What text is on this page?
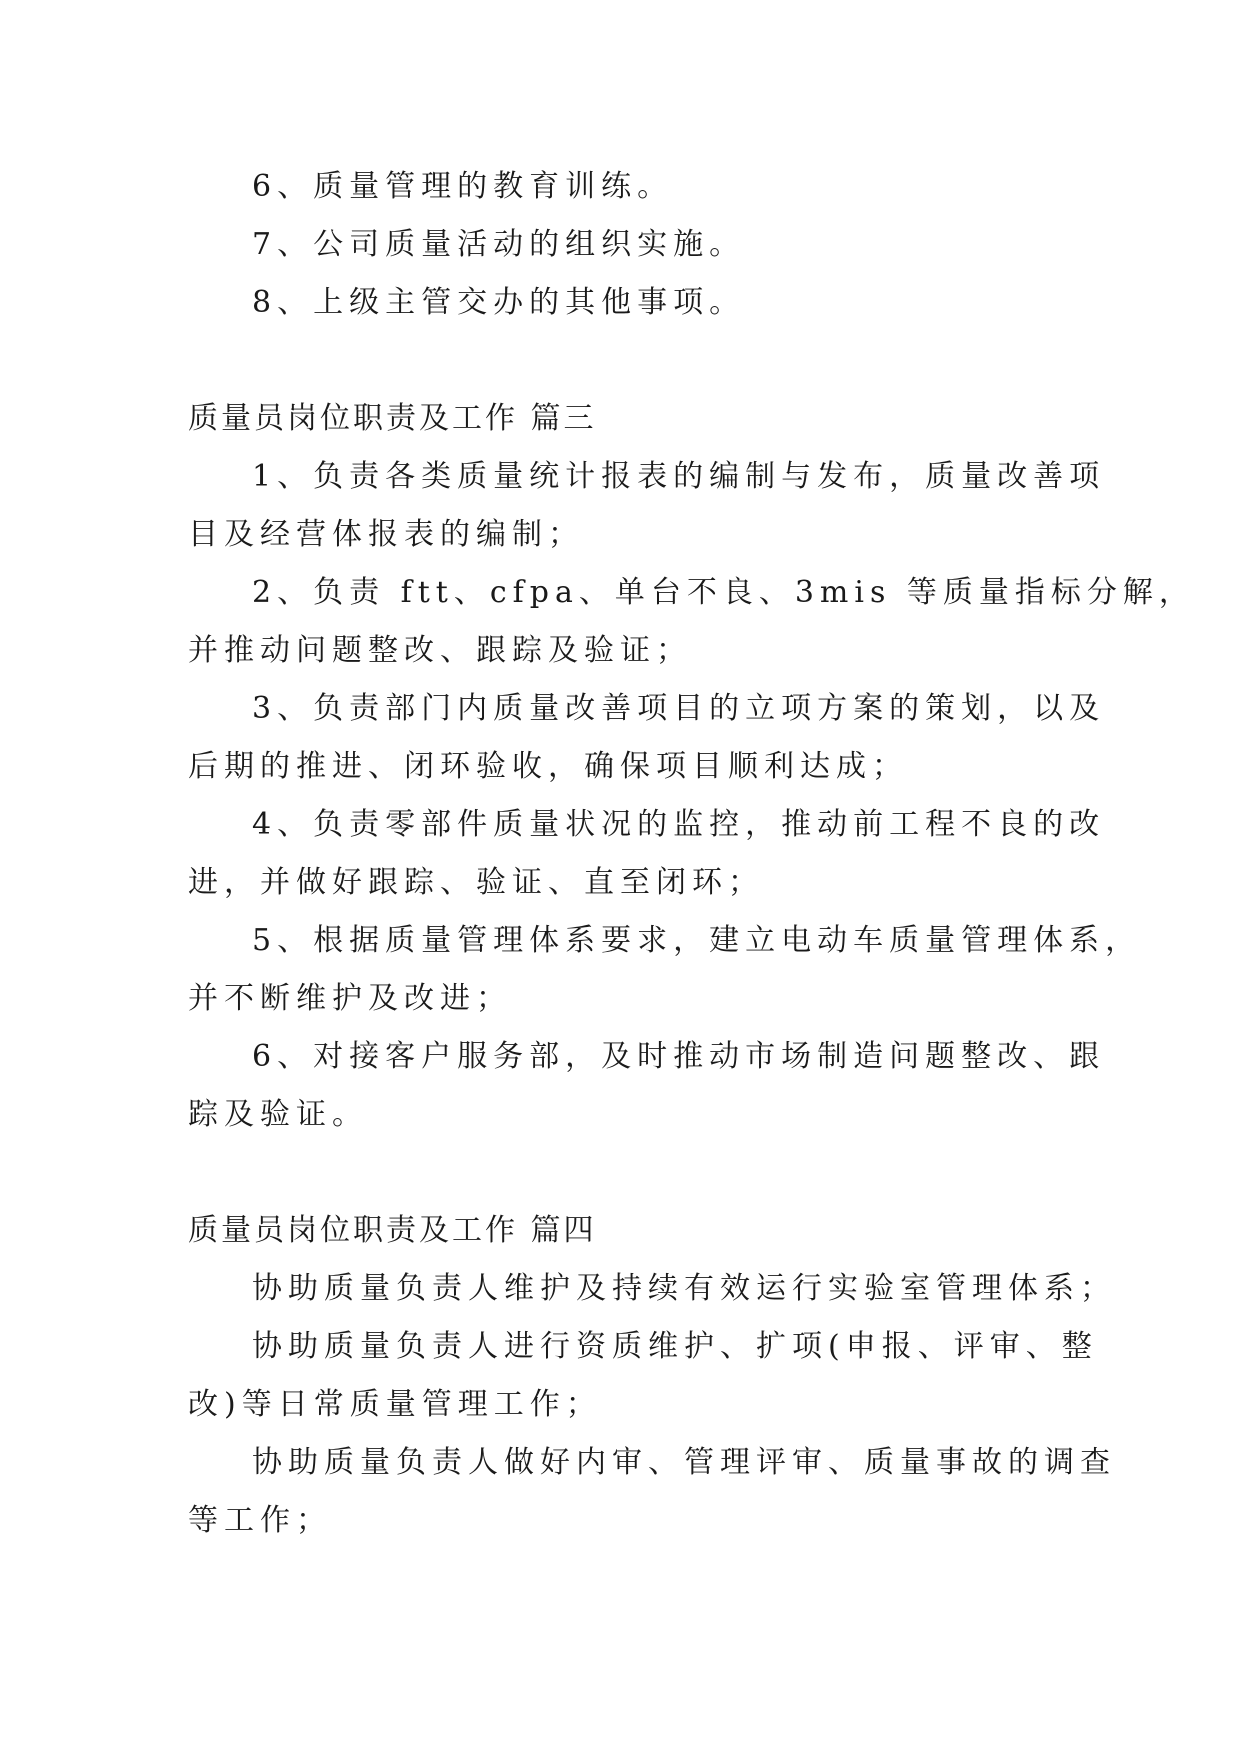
6、质量管理的教育训练。

7、公司质量活动的组织实施。

8、上级主管交办的其他事项。

质量员岗位职责及工作 篇三

1、负责各类质量统计报表的编制与发布，质量改善项

目及经营体报表的编制；

2、负责 ftt、cfpa、单台不良、3mis 等质量指标分解，

并推动问题整改、跟踪及验证；

3、负责部门内质量改善项目的立项方案的策划，以及

后期的推进、闭环验收，确保项目顺利达成；

4、负责零部件质量状况的监控，推动前工程不良的改

进，并做好跟踪、验证、直至闭环；

5、根据质量管理体系要求，建立电动车质量管理体系，

并不断维护及改进；

6、对接客户服务部，及时推动市场制造问题整改、跟

踪及验证。

质量员岗位职责及工作 篇四

协助质量负责人维护及持续有效运行实验室管理体系；

协助质量负责人进行资质维护、扩项(申报、评审、整

改)等日常质量管理工作；

协助质量负责人做好内审、管理评审、质量事故的调查

等工作；
